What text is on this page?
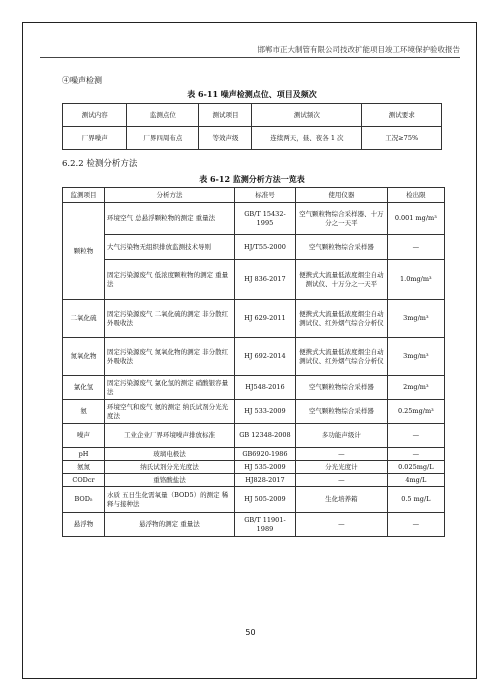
邯郸市正大制管有限公司技改扩能项目竣工环境保护验收报告
④噪声检测
表 6-11 噪声检测点位、项目及频次
测试内容	监测点位	测试项目	测试频次	测试要求
厂界噪声	厂界四周布点	等效声级	连续两天，昼、夜各 1 次	工况≥75%
6.2.2 检测分析方法
表 6-12 监测分析方法一览表
监测项目	分析方法	标准号	使用仪器	检出限
颗粒物	环境空气 总悬浮颗粒物的测定 重量法	GB/T 15432-1995	空气颗粒物综合采样器、十万分之一天平	0.001 mg/m³
	大气污染物无组织排放监测技术导则	HJ/T55-2000	空气颗粒物综合采样器	—
	固定污染源废气 低浓度颗粒物的测定 重量法	HJ 836-2017	便携式大流量低浓度烟尘自动测试仪、十万分之一天平	1.0mg/m³
二氧化硫	固定污染源废气 二氧化硫的测定 非分散红外吸收法	HJ 629-2011	便携式大流量低浓度烟尘自动测试仪、红外烟气综合分析仪	3mg/m³
氮氧化物	固定污染源废气 氮氧化物的测定 非分散红外吸收法	HJ 692-2014	便携式大流量低浓度烟尘自动测试仪、红外烟气综合分析仪	3mg/m³
氯化氢	固定污染源废气 氯化氢的测定 硝酸银容量法	HJ548-2016	空气颗粒物综合采样器	2mg/m³
氨	环境空气和废气 氨的测定 纳氏试剂分光光度法	HJ 533-2009	空气颗粒物综合采样器	0.25mg/m³
噪声	工业企业厂界环境噪声排放标准	GB 12348-2008	多功能声级计	—
pH	玻璃电极法	GB6920-1986	—	—
氨氮	纳氏试剂分光光度法	HJ 535-2009	分光光度计	0.025mg/L
CODcr	重铬酸盐法	HJ828-2017	—	4mg/L
BOD₅	水质 五日生化需氧量（BOD5）的测定 稀释与接种法	HJ 505-2009	生化培养箱	0.5 mg/L
悬浮物	悬浮物的测定 重量法	GB/T 11901-1989	—	—
50
